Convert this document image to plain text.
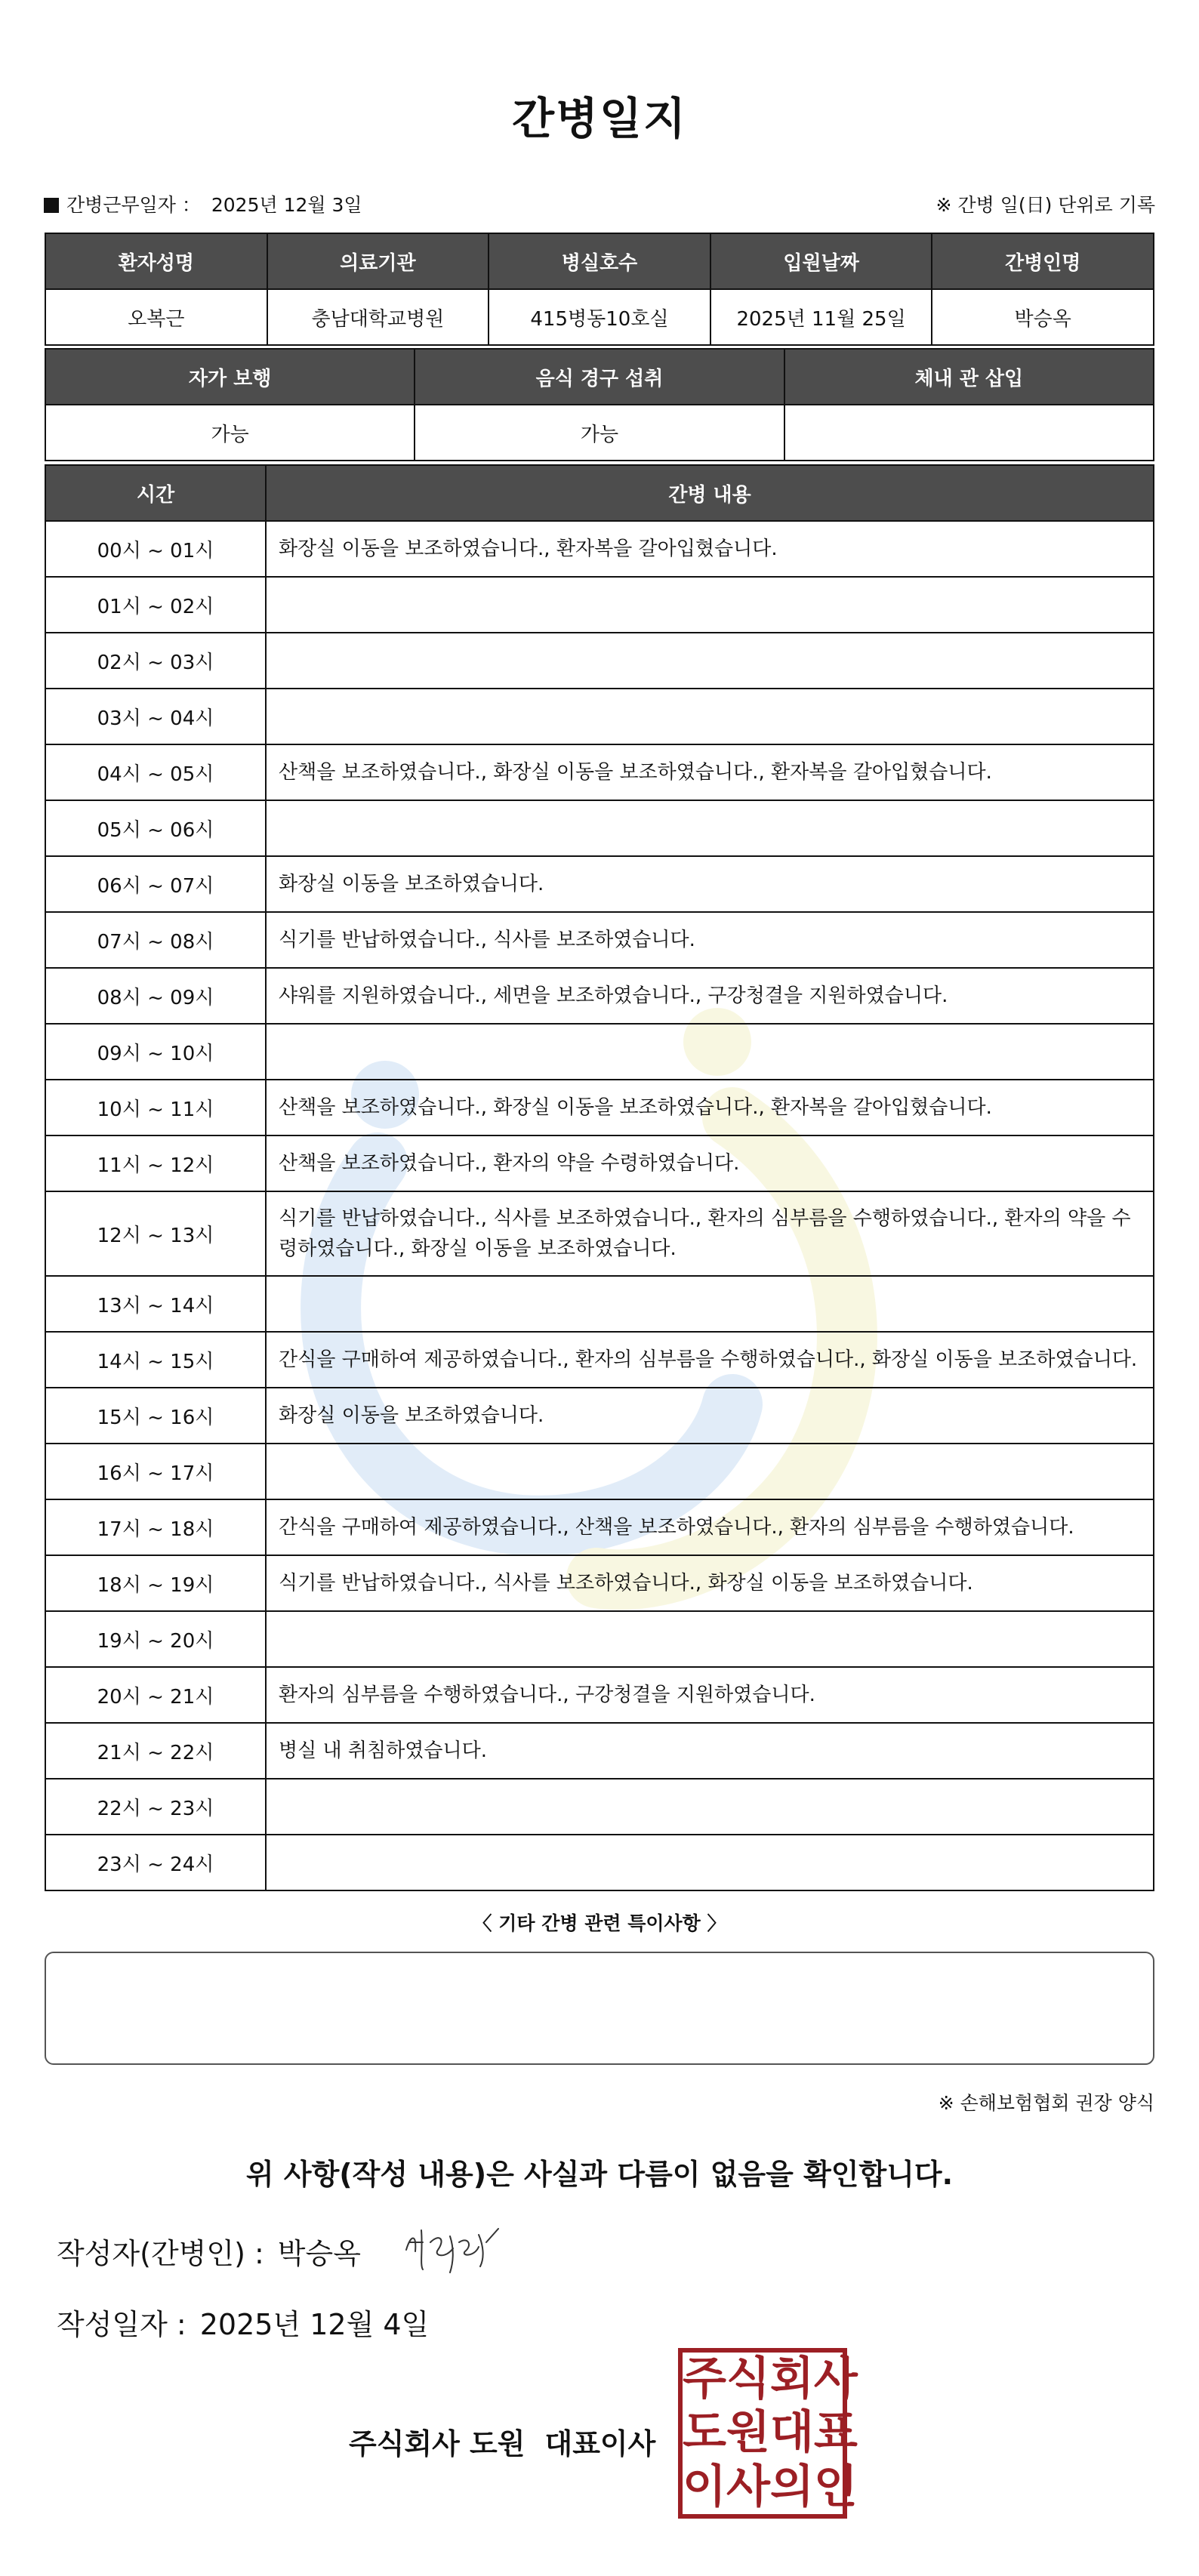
간병일지
간병근무일자 ： 2025년 12월 3일	※ 간병 일(日) 단위로 기록
환자성명	의료기관	병실호수	입원날짜	간병인명
오복근	충남대학교병원	415병동10호실	2025년 11월 25일	박승옥
자가 보행	음식 경구 섭취	체내 관 삽입
가능	가능	
시간	간병 내용
00시 ~ 01시	화장실 이동을 보조하였습니다., 환자복을 갈아입혔습니다.
01시 ~ 02시	
02시 ~ 03시	
03시 ~ 04시	
04시 ~ 05시	산책을 보조하였습니다., 화장실 이동을 보조하였습니다., 환자복을 갈아입혔습니다.
05시 ~ 06시	
06시 ~ 07시	화장실 이동을 보조하였습니다.
07시 ~ 08시	식기를 반납하였습니다., 식사를 보조하였습니다.
08시 ~ 09시	샤워를 지원하였습니다., 세면을 보조하였습니다., 구강청결을 지원하였습니다.
09시 ~ 10시	
10시 ~ 11시	산책을 보조하였습니다., 화장실 이동을 보조하였습니다., 환자복을 갈아입혔습니다.
11시 ~ 12시	산책을 보조하였습니다., 환자의 약을 수령하였습니다.
12시 ~ 13시	식기를 반납하였습니다., 식사를 보조하였습니다., 환자의 심부름을 수행하였습니다., 환자의 약을 수령하였습니다., 화장실 이동을 보조하였습니다.
13시 ~ 14시	
14시 ~ 15시	간식을 구매하여 제공하였습니다., 환자의 심부름을 수행하였습니다., 화장실 이동을 보조하였습니다.
15시 ~ 16시	화장실 이동을 보조하였습니다.
16시 ~ 17시	
17시 ~ 18시	간식을 구매하여 제공하였습니다., 산책을 보조하였습니다., 환자의 심부름을 수행하였습니다.
18시 ~ 19시	식기를 반납하였습니다., 식사를 보조하였습니다., 화장실 이동을 보조하였습니다.
19시 ~ 20시	
20시 ~ 21시	환자의 심부름을 수행하였습니다., 구강청결을 지원하였습니다.
21시 ~ 22시	병실 내 취침하였습니다.
22시 ~ 23시	
23시 ~ 24시	
〈 기타 간병 관련 특이사항 〉
※ 손해보험협회 권장 양식
위 사항(작성 내용)은 사실과 다름이 없음을 확인합니다.
작성자(간병인) : 박승옥
작성일자 : 2025년 12월 4일
주식회사 도원 대표이사
주 식 회 사
도 원 대 표
이 사 의 인
